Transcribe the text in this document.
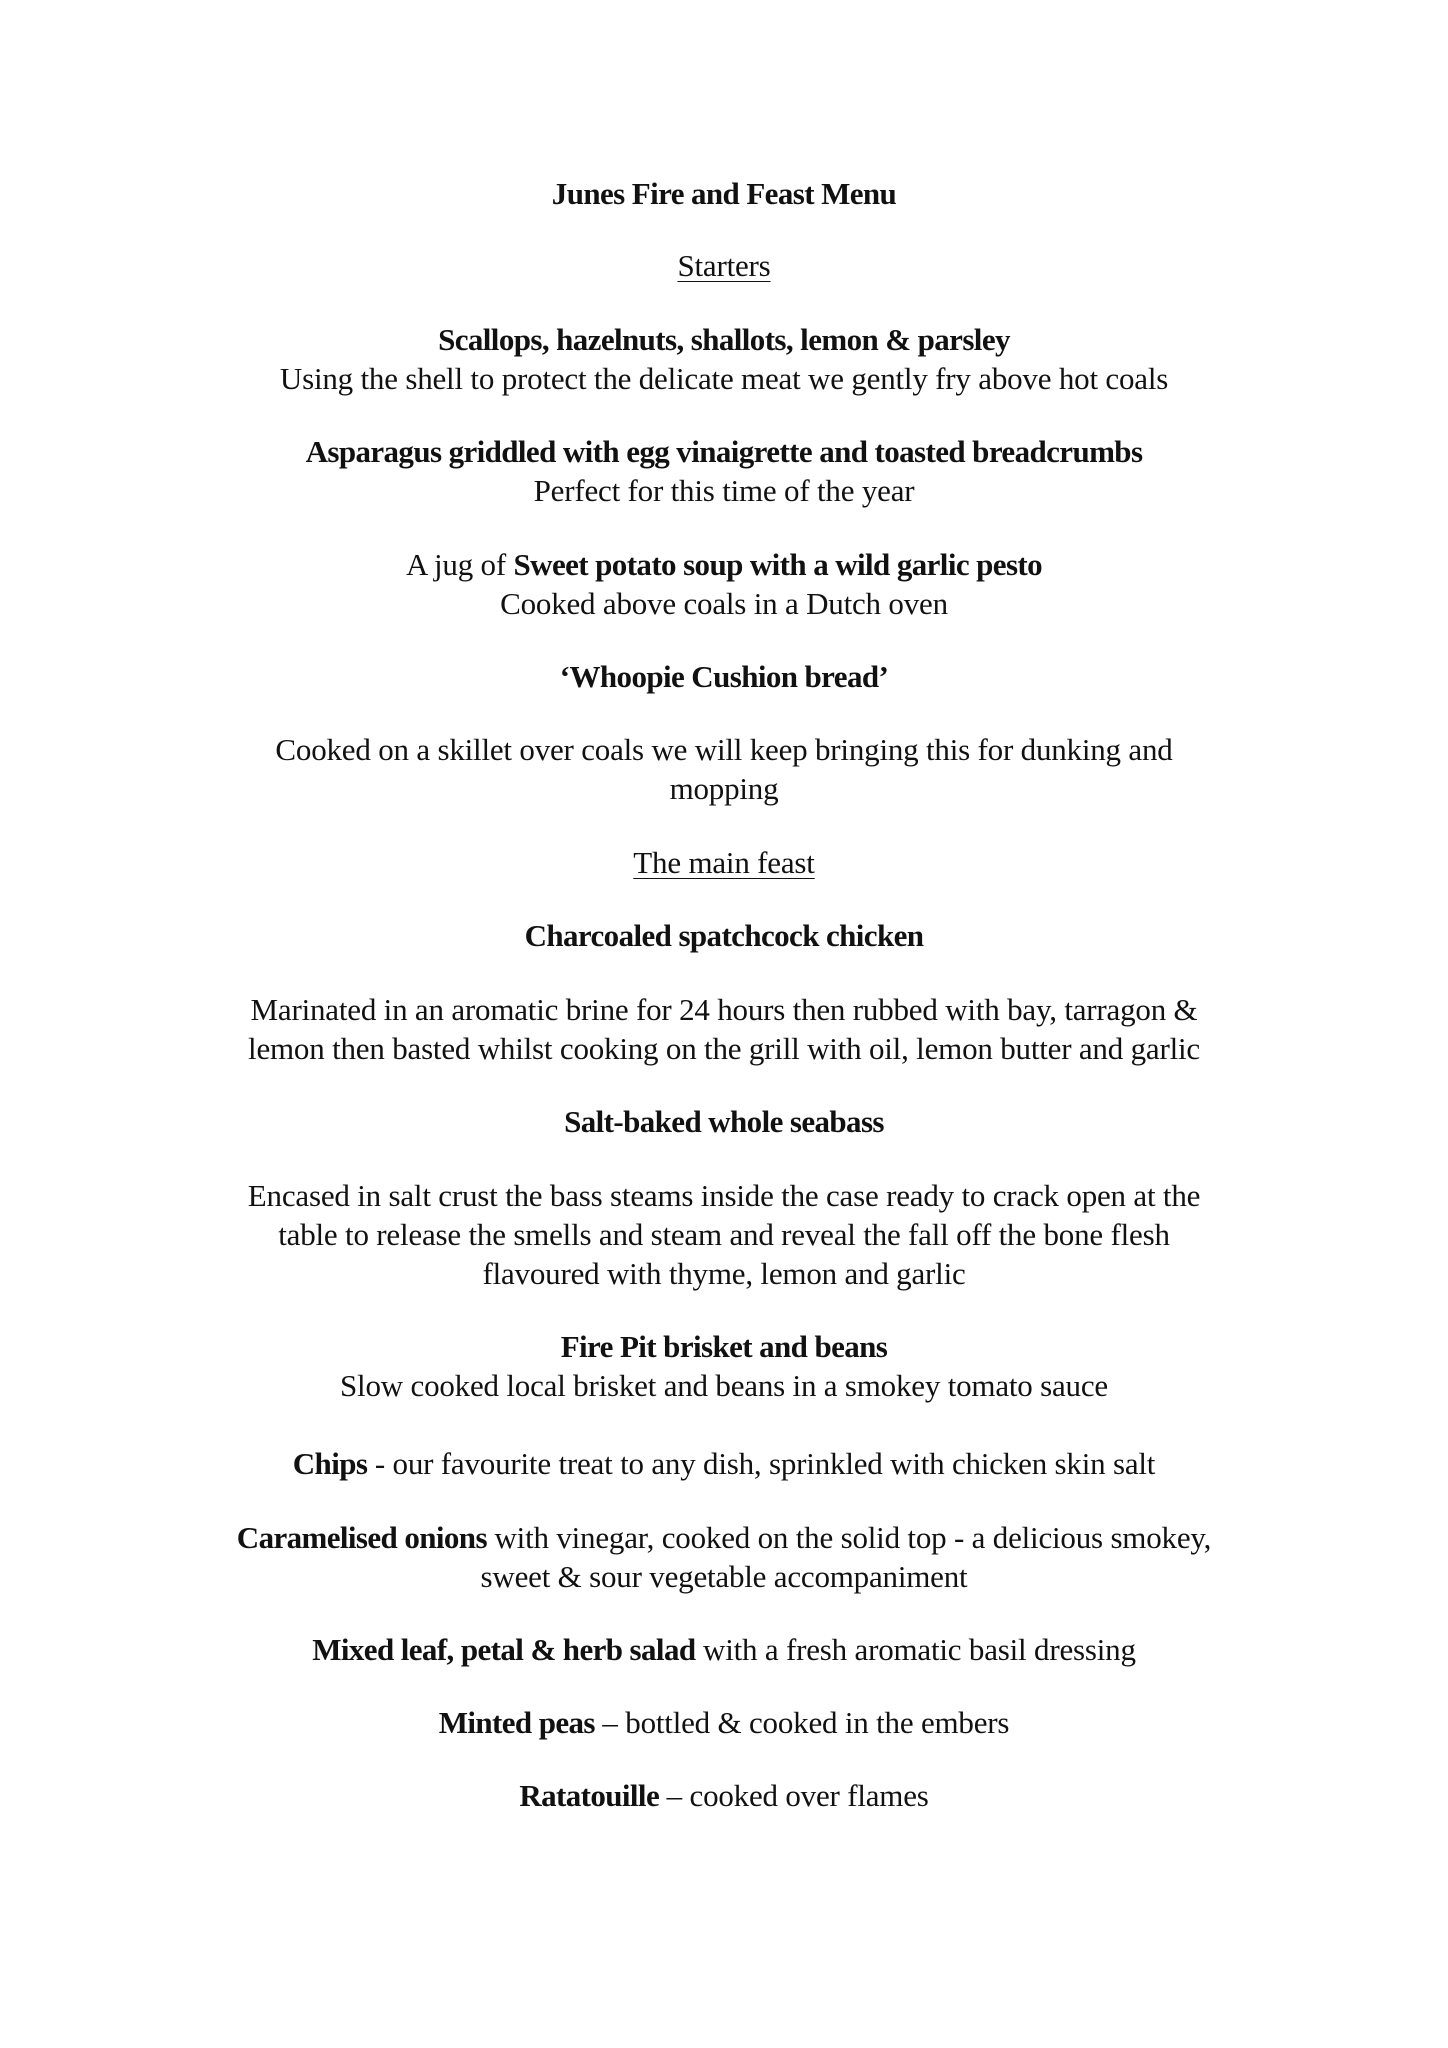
Junes Fire and Feast Menu
Starters
Scallops, hazelnuts, shallots, lemon & parsley
Using the shell to protect the delicate meat we gently fry above hot coals
Asparagus griddled with egg vinaigrette and toasted breadcrumbs
Perfect for this time of the year
A jug of Sweet potato soup with a wild garlic pesto
Cooked above coals in a Dutch oven
‘Whoopie Cushion bread’
Cooked on a skillet over coals we will keep bringing this for dunking and
mopping
The main feast
Charcoaled spatchcock chicken
Marinated in an aromatic brine for 24 hours then rubbed with bay, tarragon &
lemon then basted whilst cooking on the grill with oil, lemon butter and garlic
Salt-baked whole seabass
Encased in salt crust the bass steams inside the case ready to crack open at the
table to release the smells and steam and reveal the fall off the bone flesh
flavoured with thyme, lemon and garlic
Fire Pit brisket and beans
Slow cooked local brisket and beans in a smokey tomato sauce
Chips - our favourite treat to any dish, sprinkled with chicken skin salt
Caramelised onions with vinegar, cooked on the solid top - a delicious smokey,
sweet & sour vegetable accompaniment
Mixed leaf, petal & herb salad with a fresh aromatic basil dressing
Minted peas – bottled & cooked in the embers
Ratatouille – cooked over flames
